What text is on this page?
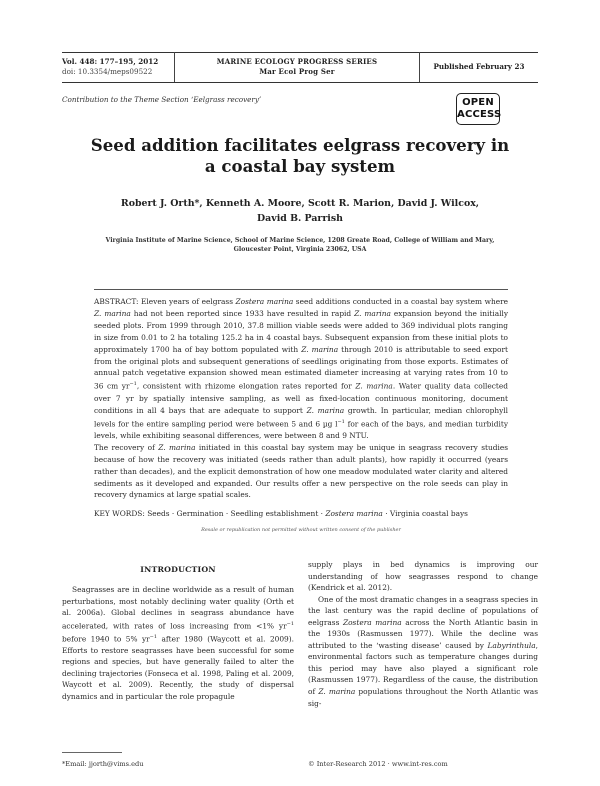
Vol. 448: 177–195, 2012
doi: 10.3354/meps09522
MARINE ECOLOGY PROGRESS SERIES
Mar Ecol Prog Ser
Published February 23
Contribution to the Theme Section ‘Eelgrass recovery’	OPEN
ACCESS
Seed addition facilitates eelgrass recovery in
a coastal bay system
Robert J. Orth*, Kenneth A. Moore, Scott R. Marion, David J. Wilcox,
David B. Parrish
Virginia Institute of Marine Science, School of Marine Science, 1208 Greate Road, College of William and Mary,
Gloucester Point, Virginia 23062, USA
ABSTRACT: Eleven years of eelgrass Zostera marina seed additions conducted in a coastal bay system where Z. marina had not been reported since 1933 have resulted in rapid Z. marina expansion beyond the initially seeded plots. From 1999 through 2010, 37.8 million viable seeds were added to 369 individual plots ranging in size from 0.01 to 2 ha totaling 125.2 ha in 4 coastal bays. Subsequent expansion from these initial plots to approximately 1700 ha of bay bottom populated with Z. marina through 2010 is attributable to seed export from the original plots and subsequent generations of seedlings originating from those exports. Estimates of annual patch vegetative expansion showed mean estimated diameter increasing at varying rates from 10 to 36 cm $yr^{-1}$, consistent with rhizome elongation rates reported for Z. marina. Water quality data collected over 7 yr by spatially intensive sampling, as well as fixed-location continuous monitoring, document conditions in all 4 bays that are adequate to support Z. marina growth. In particular, median chlorophyll levels for the entire sampling period were between 5 and 6 µg $l^{-1}$ for each of the bays, and median turbidity levels, while exhibiting seasonal differences, were between 8 and 9 NTU.
The recovery of Z. marina initiated in this coastal bay system may be unique in seagrass recovery studies because of how the recovery was initiated (seeds rather than adult plants), how rapidly it occurred (years rather than decades), and the explicit demonstration of how one meadow modulated water clarity and altered sediments as it developed and expanded. Our results offer a new perspective on the role seeds can play in recovery dynamics at large spatial scales.
KEY WORDS: Seeds · Germination · Seedling establishment · Zostera marina · Virginia coastal bays
Resale or republication not permitted without written consent of the publisher
INTRODUCTION

Seagrasses are in decline worldwide as a result of human perturbations, most notably declining water quality (Orth et al. 2006a). Global declines in seagrass abundance have accelerated, with rates of loss increasing from <1% $yr^{-1}$ before 1940 to 5% $yr^{-1}$ after 1980 (Waycott et al. 2009). Efforts to restore seagrasses have been successful for some regions and species, but have generally failed to alter the declining trajectories (Fonseca et al. 1998, Paling et al. 2009, Waycott et al. 2009). Recently, the study of dispersal dynamics and in particular the role propagule

supply plays in bed dynamics is improving our understanding of how seagrasses respond to change (Kendrick et al. 2012).

One of the most dramatic changes in a seagrass species in the last century was the rapid decline of populations of eelgrass Zostera marina across the North Atlantic basin in the 1930s (Rasmussen 1977). While the decline was attributed to the ‘wasting disease’ caused by Labyrinthula, environmental factors such as temperature changes during this period may have also played a significant role (Rasmussen 1977). Regardless of the cause, the distribution of Z. marina populations throughout the North Atlantic was sig-

*Email: jjorth@vims.edu	© Inter-Research 2012 · www.int-res.com
